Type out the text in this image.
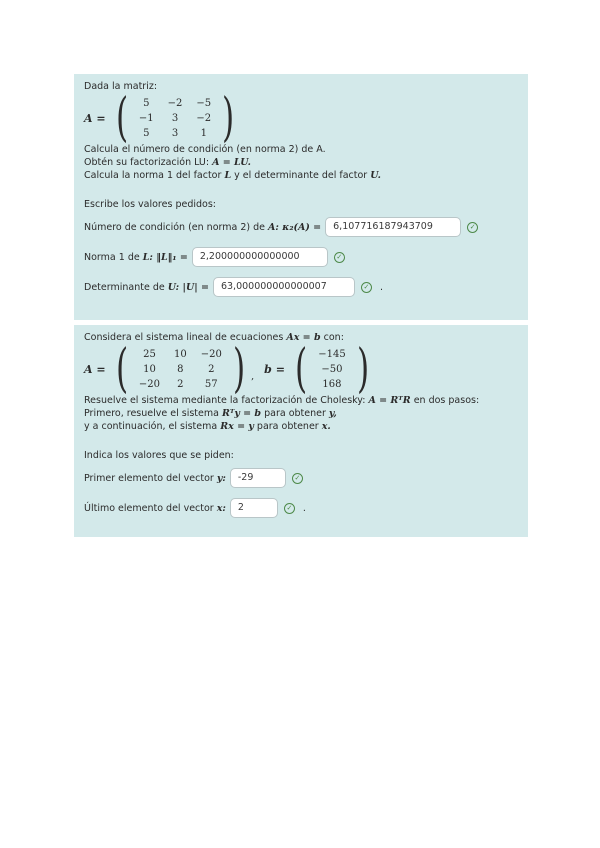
Dada la matriz:
A = ( 5	−2	−5
−1	3	−2
5	3	1 )
Calcula el número de condición (en norma 2) de A.
Obtén su factorización LU: A = LU.
Calcula la norma 1 del factor L y el determinante del factor U.
Escribe los valores pedidos:
Número de condición (en norma 2) de
A: κ₂(A) =	6,107716187943709	✓
Norma 1 de
L: ‖L‖₁ =	2,200000000000000	✓
Determinante de
U: |U| =	63,000000000000007	✓ .
Considera el sistema lineal de ecuaciones Ax = b con:
A = ( 25	10	−20
10	8	2
−20	2	57 ) ,
b = ( −145
−50
168 )
Resuelve el sistema mediante la factorización de Cholesky: A = RᵀR en dos pasos:
Primero, resuelve el sistema Rᵀy = b para obtener y,
y a continuación, el sistema Rx = y para obtener x.
Indica los valores que se piden:
Primer elemento del vector
y:	-29	✓
Último elemento del vector
x:	2	✓ .
